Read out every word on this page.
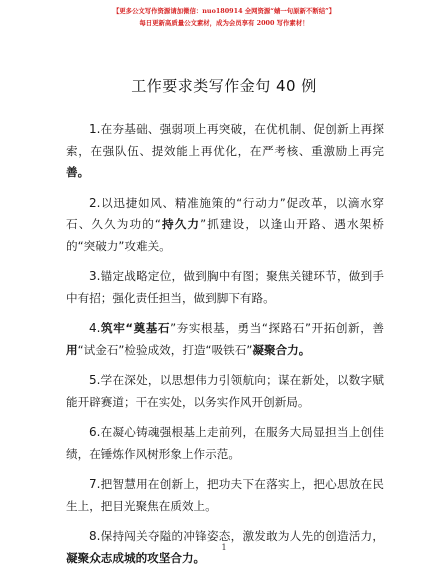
【更多公文写作资源请加微信：nuo180914 全网资源“蜻一句原新不断结”】
每日更新高质量公文素材，成为会员享有 2000 写作素材！
工作要求类写作金句 40 例

1.在夯基础、强弱项上再突破，在优机制、促创新上再探索，在强队伍、提效能上再优化，在严考核、重激励上再完善。

2.以迅捷如风、精准施策的“行动力”促改革，以滴水穿石、久久为功的“持久力”抓建设，以逢山开路、遇水架桥的“突破力”攻难关。

3.锚定战略定位，做到胸中有图；聚焦关键环节，做到手中有招；强化责任担当，做到脚下有路。

4.筑牢“奠基石”夯实根基，勇当“探路石”开拓创新，善用“试金石”检验成效，打造“吸铁石”凝聚合力。

5.学在深处，以思想伟力引领航向；谋在新处，以数字赋能开辟赛道；干在实处，以务实作风开创新局。

6.在凝心铸魂强根基上走前列，在服务大局显担当上创佳绩，在锤炼作风树形象上作示范。

7.把智慧用在创新上，把功夫下在落实上，把心思放在民生上，把目光聚焦在质效上。

8.保持闯关夺隘的冲锋姿态，激发敢为人先的创造活力，凝聚众志成城的攻坚合力。

1
